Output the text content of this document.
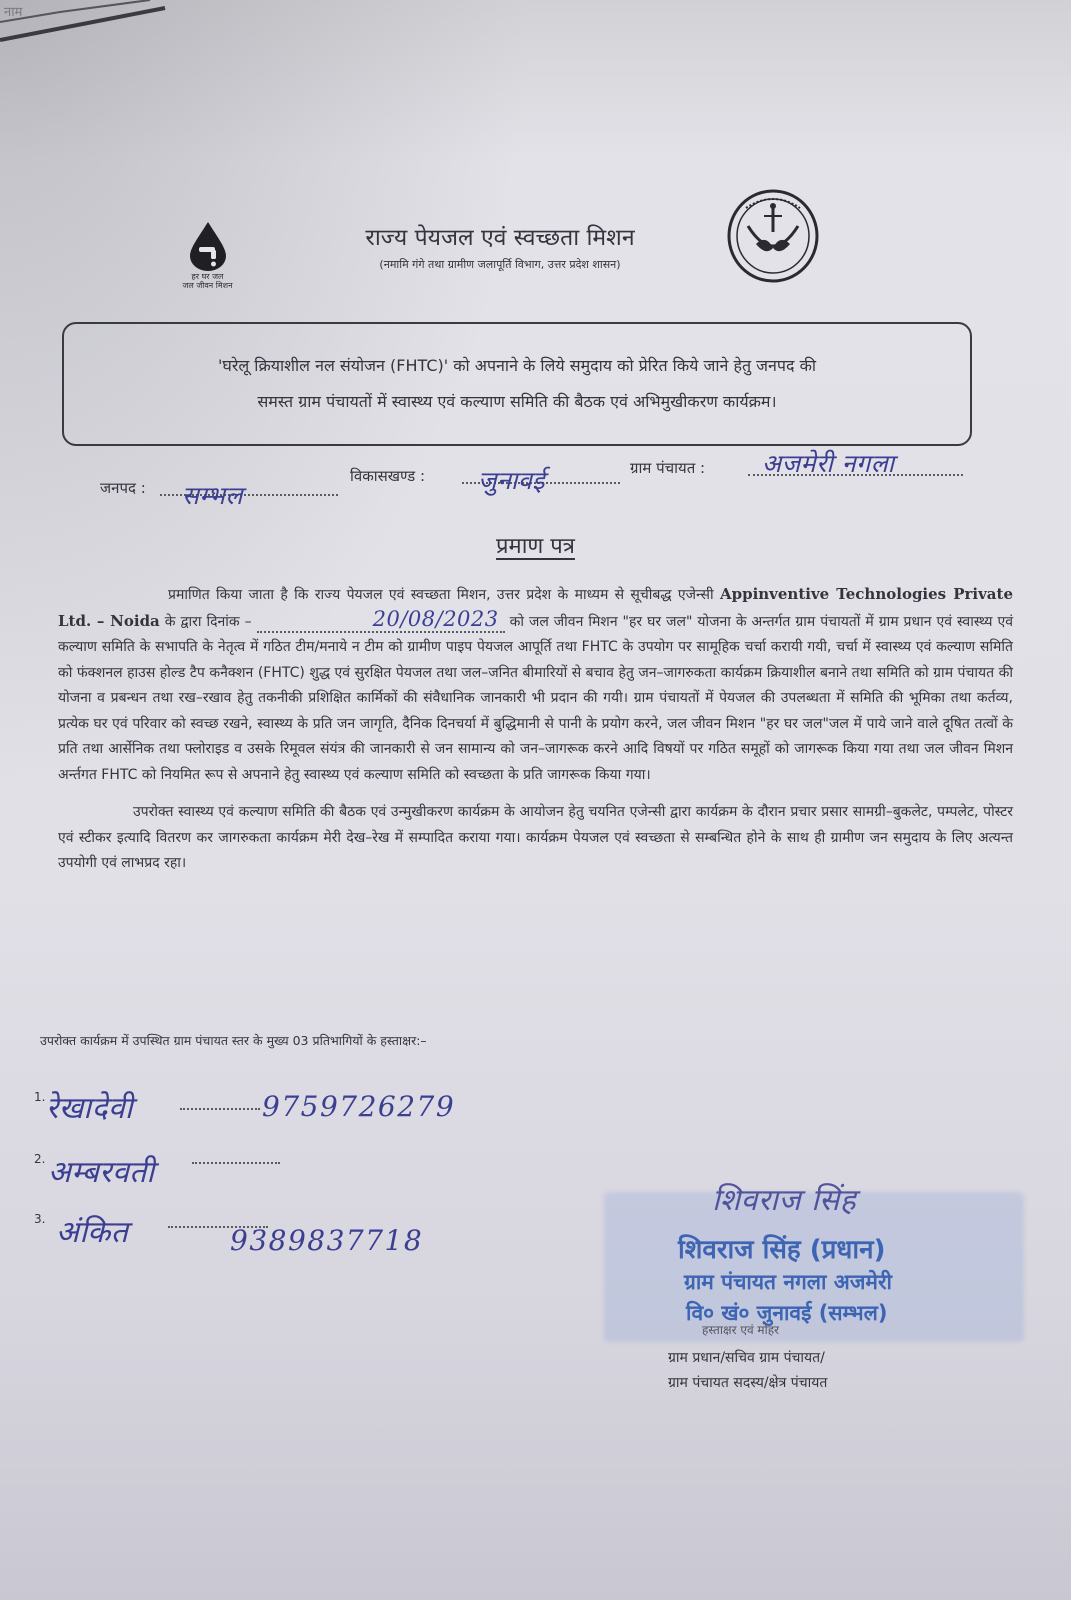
नाम
हर घर जल
जल जीवन मिशन
राज्य पेयजल एवं स्वच्छता मिशन
(नमामि गंगे तथा ग्रामीण जलापूर्ति विभाग, उत्तर प्रदेश शासन)
'घरेलू क्रियाशील नल संयोजन (FHTC)' को अपनाने के लिये समुदाय को प्रेरित किये जाने हेतु जनपद की
समस्त ग्राम पंचायतों में स्वास्थ्य एवं कल्याण समिति की बैठक एवं अभिमुखीकरण कार्यक्रम।
जनपद : सम्भल
विकासखण्ड : जुनावई	ग्राम पंचायत : अजमेरी नगला
प्रमाण पत्र

प्रमाणित किया जाता है कि राज्य पेयजल एवं स्वच्छता मिशन, उत्तर प्रदेश के माध्यम से सूचीबद्ध एजेन्सी Appinventive Technologies Private Ltd. – Noida के द्वारा दिनांक –	20/08/2023 को जल जीवन मिशन "हर घर जल" योजना के अन्तर्गत ग्राम पंचायतों में ग्राम प्रधान एवं स्वास्थ्य एवं कल्याण समिति के सभापति के नेतृत्व में गठित टीम/मनाये न टीम को ग्रामीण पाइप पेयजल आपूर्ति तथा FHTC के उपयोग पर सामूहिक चर्चा करायी गयी, चर्चा में स्वास्थ्य एवं कल्याण समिति को फंक्शनल हाउस होल्ड टैप कनैक्शन (FHTC) शुद्ध एवं सुरक्षित पेयजल तथा जल–जनित बीमारियों से बचाव हेतु जन–जागरुकता कार्यक्रम क्रियाशील बनाने तथा समिति को ग्राम पंचायत की योजना व प्रबन्धन तथा रख–रखाव हेतु तकनीकी प्रशिक्षित कार्मिकों की संवैधानिक जानकारी भी प्रदान की गयी। ग्राम पंचायतों में पेयजल की उपलब्धता में समिति की भूमिका तथा कर्तव्य, प्रत्येक घर एवं परिवार को स्वच्छ रखने, स्वास्थ्य के प्रति जन जागृति, दैनिक दिनचर्या में बुद्धिमानी से पानी के प्रयोग करने, जल जीवन मिशन "हर घर जल"जल में पाये जाने वाले दूषित तत्वों के प्रति तथा आर्सेनिक तथा फ्लोराइड व उसके रिमूवल संयंत्र की जानकारी से जन सामान्य को जन–जागरूक करने आदि विषयों पर गठित समूहों को जागरूक किया गया तथा जल जीवन मिशन अर्न्तगत FHTC को नियमित रूप से अपनाने हेतु स्वास्थ्य एवं कल्याण समिति को स्वच्छता के प्रति जागरूक किया गया।

उपरोक्त स्वास्थ्य एवं कल्याण समिति की बैठक एवं उन्मुखीकरण कार्यक्रम के आयोजन हेतु चयनित एजेन्सी द्वारा कार्यक्रम के दौरान प्रचार प्रसार सामग्री–बुकलेट, पम्पलेट, पोस्टर एवं स्टीकर इत्यादि वितरण कर जागरुकता कार्यक्रम मेरी देख–रेख में सम्पादित कराया गया। कार्यक्रम पेयजल एवं स्वच्छता से सम्बन्धित होने के साथ ही ग्रामीण जन समुदाय के लिए अत्यन्त उपयोगी एवं लाभप्रद रहा।

उपरोक्त कार्यक्रम में उपस्थित ग्राम पंचायत स्तर के मुख्य 03 प्रतिभागियों के हस्ताक्षर:–
1. रेखादेवी	9759726279
2. अम्बरवती
3. अंकित	9389837718
शिवराज सिंह
शिवराज सिंह (प्रधान)
ग्राम पंचायत नगला अजमेरी
वि० खं० जुनावई (सम्भल)
हस्ताक्षर एवं मोहर
ग्राम प्रधान/सचिव ग्राम पंचायत/
ग्राम पंचायत सदस्य/क्षेत्र पंचायत
